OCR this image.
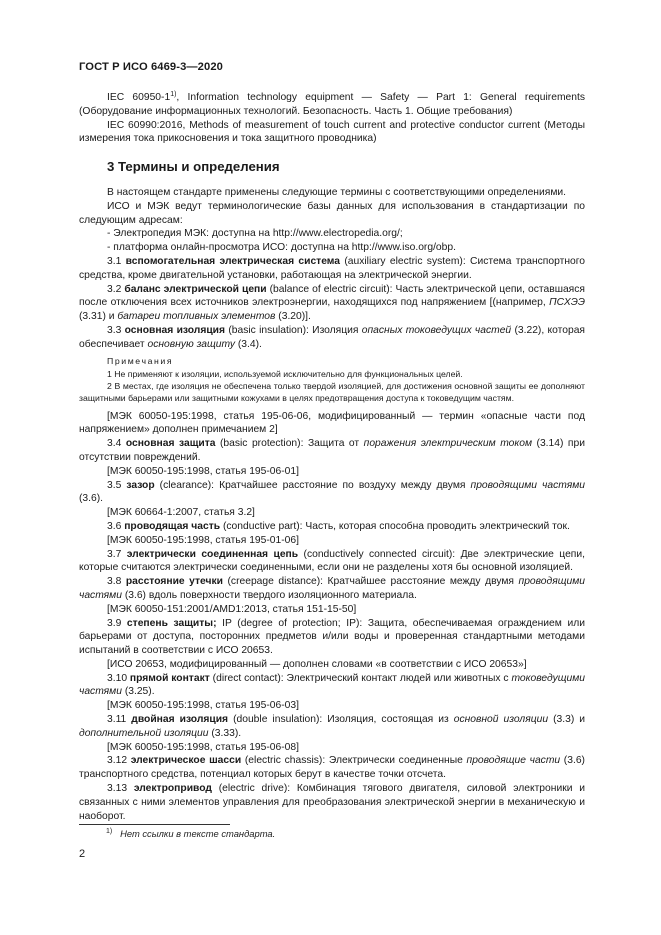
ГОСТ Р ИСО 6469-3—2020

IEC 60950-1$^{1)}$, Information technology equipment — Safety — Part 1: General requirements (Оборудование информационных технологий. Безопасность. Часть 1. Общие требования)

IEC 60990:2016, Methods of measurement of touch current and protective conductor current (Методы измерения тока прикосновения и тока защитного проводника)

3 Термины и определения

В настоящем стандарте применены следующие термины с соответствующими определениями.

ИСО и МЭК ведут терминологические базы данных для использования в стандартизации по следующим адресам:

- Электропедия МЭК: доступна на http://www.electropedia.org/;

- платформа онлайн-просмотра ИСО: доступна на http://www.iso.org/obp.

3.1 вспомогательная электрическая система (auxiliary electric system): Система транспортного средства, кроме двигательной установки, работающая на электрической энергии.

3.2 баланс электрической цепи (balance of electric circuit): Часть электрической цепи, оставшаяся после отключения всех источников электроэнергии, находящихся под напряжением [(например, ПСХЭЭ (3.31) и батареи топливных элементов (3.20)].

3.3 основная изоляция (basic insulation): Изоляция опасных токоведущих частей (3.22), которая обеспечивает основную защиту (3.4).

Примечания

1 Не применяют к изоляции, используемой исключительно для функциональных целей.

2 В местах, где изоляция не обеспечена только твердой изоляцией, для достижения основной защиты ее дополняют защитными барьерами или защитными кожухами в целях предотвращения доступа к токоведущим частям.

[МЭК 60050-195:1998, статья 195-06-06, модифицированный — термин «опасные части под напряжением» дополнен примечанием 2]

3.4 основная защита (basic protection): Защита от поражения электрическим током (3.14) при отсутствии повреждений.

[МЭК 60050-195:1998, статья 195-06-01]

3.5 зазор (clearance): Кратчайшее расстояние по воздуху между двумя проводящими частями (3.6).

[МЭК 60664-1:2007, статья 3.2]

3.6 проводящая часть (conductive part): Часть, которая способна проводить электрический ток.

[МЭК 60050-195:1998, статья 195-01-06]

3.7 электрически соединенная цепь (conductively connected circuit): Две электрические цепи, которые считаются электрически соединенными, если они не разделены хотя бы основной изоляцией.

3.8 расстояние утечки (creepage distance): Кратчайшее расстояние между двумя проводящими частями (3.6) вдоль поверхности твердого изоляционного материала.

[МЭК 60050-151:2001/AMD1:2013, статья 151-15-50]

3.9 степень защиты; IP (degree of protection; IP): Защита, обеспечиваемая ограждением или барьерами от доступа, посторонних предметов и/или воды и проверенная стандартными методами испытаний в соответствии с ИСО 20653.

[ИСО 20653, модифицированный — дополнен словами «в соответствии с ИСО 20653»]

3.10 прямой контакт (direct contact): Электрический контакт людей или животных с токоведущими частями (3.25).

[МЭК 60050-195:1998, статья 195-06-03]

3.11 двойная изоляция (double insulation): Изоляция, состоящая из основной изоляции (3.3) и дополнительной изоляции (3.33).

[МЭК 60050-195:1998, статья 195-06-08]

3.12 электрическое шасси (electric chassis): Электрически соединенные проводящие части (3.6) транспортного средства, потенциал которых берут в качестве точки отсчета.

3.13 электропривод (electric drive): Комбинация тягового двигателя, силовой электроники и связанных с ними элементов управления для преобразования электрической энергии в механическую и наоборот.

$^{1)}$ Нет ссылки в тексте стандарта.
2
